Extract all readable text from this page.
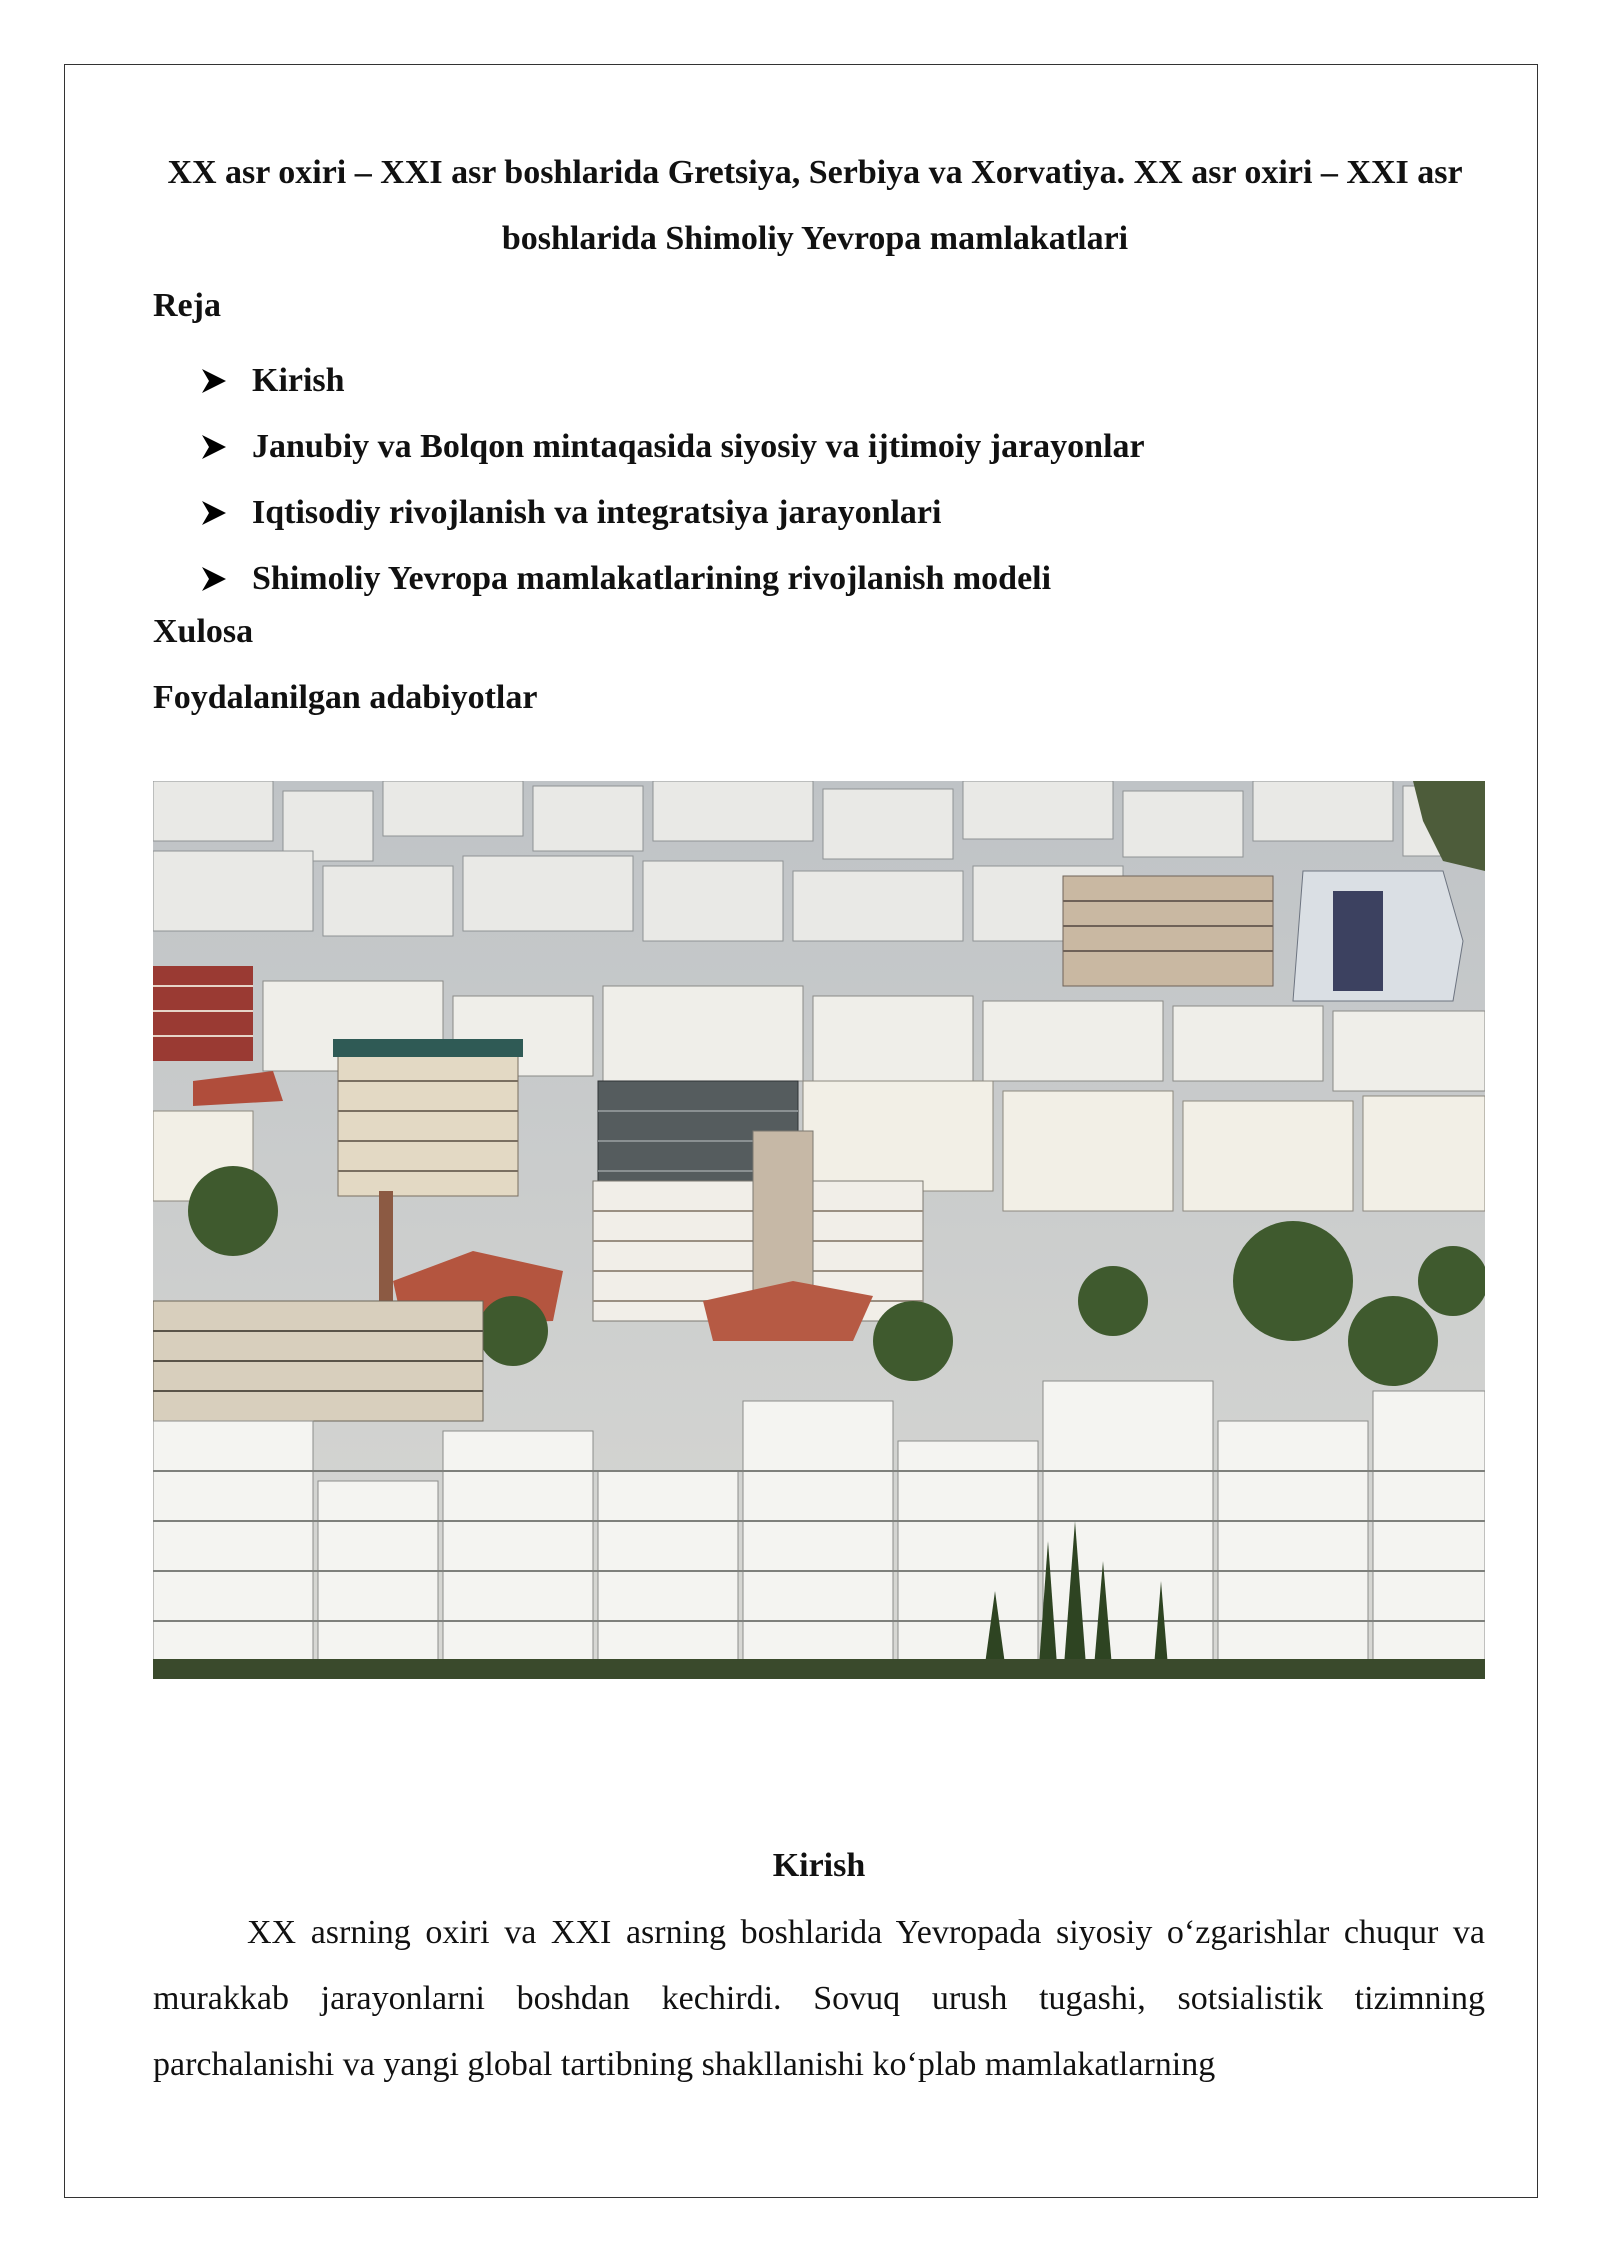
XX asr oxiri – XXI asr boshlarida Gretsiya, Serbiya va Xorvatiya. XX asr oxiri – XXI asr boshlarida Shimoliy Yevropa mamlakatlari
Reja
Kirish
Janubiy va Bolqon mintaqasida siyosiy va ijtimoiy jarayonlar
Iqtisodiy rivojlanish va integratsiya jarayonlari
Shimoliy Yevropa mamlakatlarining rivojlanish modeli
Xulosa
Foydalanilgan adabiyotlar
Kirish

XX asrning oxiri va XXI asrning boshlarida Yevropada siyosiy o‘zgarishlar chuqur va murakkab jarayonlarni boshdan kechirdi. Sovuq urush tugashi, sotsialistik tizimning parchalanishi va yangi global tartibning shakllanishi ko‘plab mamlakatlarning
